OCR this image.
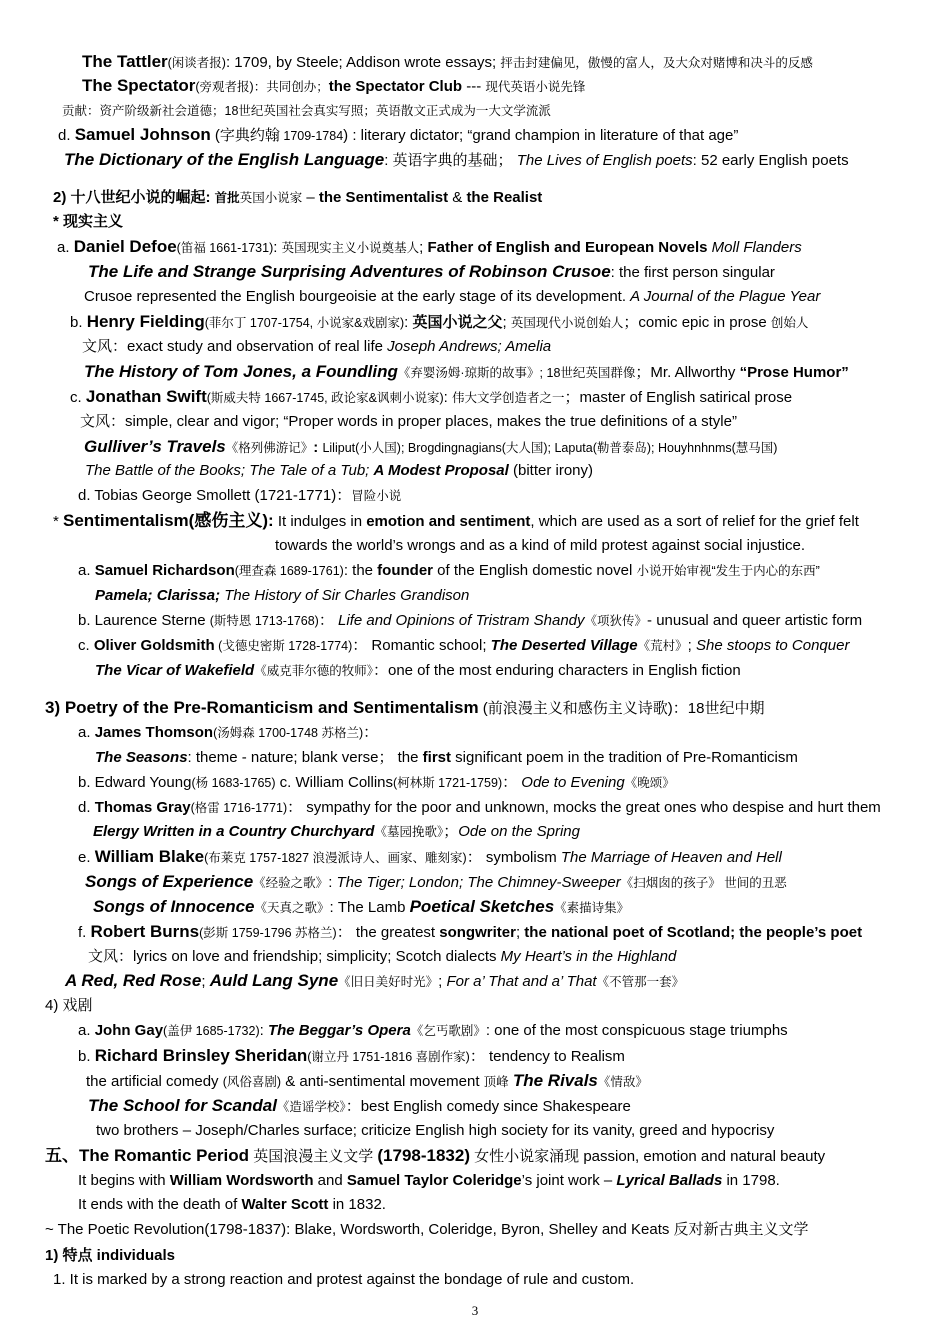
The Tattler(闲谈者报): 1709, by Steele; Addison wrote essays; 抨击封建偏见，傲慢的富人，及大众对赌博和决斗的反感
The Spectator(旁观者报)：共同创办；the Spectator Club --- 现代英语小说先锋
贡献：资产阶级新社会道德；18世纪英国社会真实写照；英语散文正式成为一大文学流派
d. Samuel Johnson (字典约翰 1709-1784) : literary dictator; “grand champion in literature of that age”
The Dictionary of the English Language: 英语字典的基础； The Lives of English poets: 52 early English poets
2) 十八世纪小说的崛起: 首批英国小说家 – the Sentimentalist & the Realist
* 现实主义
a. Daniel Defoe(笛福 1661-1731): 英国现实主义小说奠基人; Father of English and European Novels Moll Flanders
The Life and Strange Surprising Adventures of Robinson Crusoe: the first person singular
Crusoe represented the English bourgeoisie at the early stage of its development. A Journal of the Plague Year
b. Henry Fielding(菲尔丁 1707-1754, 小说家&戏剧家): 英国小说之父; 英国现代小说创始人；comic epic in prose 创始人
文风：exact study and observation of real life Joseph Andrews; Amelia
The History of Tom Jones, a Foundling《弃婴汤姆·琼斯的故事》; 18世纪英国群像；Mr. Allworthy “Prose Humor”
c. Jonathan Swift(斯威夫特 1667-1745, 政论家&讽刺小说家): 伟大文学创造者之一；master of English satirical prose
文风：simple, clear and vigor; “Proper words in proper places, makes the true definitions of a style”
Gulliver’s Travels《格列佛游记》: Liliput(小人国); Brogdingnagians(大人国); Laputa(勒普泰岛); Houyhnhnms(慧马国)
The Battle of the Books; The Tale of a Tub; A Modest Proposal (bitter irony)
d. Tobias George Smollett (1721-1771)：冒险小说
* Sentimentalism(感伤主义): It indulges in emotion and sentiment, which are used as a sort of relief for the grief felt
towards the world’s wrongs and as a kind of mild protest against social injustice.
a. Samuel Richardson(理查森 1689-1761): the founder of the English domestic novel 小说开始审视“发生于内心的东西”
Pamela; Clarissa; The History of Sir Charles Grandison
b. Laurence Sterne (斯特恩 1713-1768)： Life and Opinions of Tristram Shandy《项狄传》- unusual and queer artistic form
c. Oliver Goldsmith (戈德史密斯 1728-1774)： Romantic school; The Deserted Village《荒村》; She stoops to Conquer
The Vicar of Wakefield《威克菲尔德的牧师》：one of the most enduring characters in English fiction
3) Poetry of the Pre-Romanticism and Sentimentalism (前浪漫主义和感伤主义诗歌)：18世纪中期
a. James Thomson(汤姆森 1700-1748 苏格兰)：
The Seasons: theme - nature; blank verse； the first significant poem in the tradition of Pre-Romanticism
b. Edward Young(杨 1683-1765) c. William Collins(柯林斯 1721-1759)： Ode to Evening《晚颂》
d. Thomas Gray(格雷 1716-1771)： sympathy for the poor and unknown, mocks the great ones who despise and hurt them
Elergy Written in a Country Churchyard《墓园挽歌》；Ode on the Spring
e. William Blake(布莱克 1757-1827 浪漫派诗人、画家、雕刻家)： symbolism The Marriage of Heaven and Hell
Songs of Experience《经验之歌》: The Tiger; London; The Chimney-Sweeper《扫烟囱的孩子》 世间的丑恶
Songs of Innocence《天真之歌》: The Lamb Poetical Sketches《素描诗集》
f. Robert Burns(彭斯 1759-1796 苏格兰)： the greatest songwriter; the national poet of Scotland; the people’s poet
文风：lyrics on love and friendship; simplicity; Scotch dialects My Heart’s in the Highland
A Red, Red Rose; Auld Lang Syne《旧日美好时光》; For a’ That and a’ That《不管那一套》
4) 戏剧
a. John Gay(盖伊 1685-1732): The Beggar’s Opera《乞丐歌剧》: one of the most conspicuous stage triumphs
b. Richard Brinsley Sheridan(谢立丹 1751-1816 喜剧作家)： tendency to Realism
the artificial comedy (风俗喜剧) & anti-sentimental movement 顶峰 The Rivals《情敌》
The School for Scandal《造谣学校》：best English comedy since Shakespeare
two brothers – Joseph/Charles surface; criticize English high society for its vanity, greed and hypocrisy
五、The Romantic Period 英国浪漫主义文学 (1798-1832) 女性小说家涌现 passion, emotion and natural beauty
It begins with William Wordsworth and Samuel Taylor Coleridge’s joint work – Lyrical Ballads in 1798.
It ends with the death of Walter Scott in 1832.
~ The Poetic Revolution(1798-1837): Blake, Wordsworth, Coleridge, Byron, Shelley and Keats 反对新古典主义文学
1) 特点 individuals
1. It is marked by a strong reaction and protest against the bondage of rule and custom.
3
